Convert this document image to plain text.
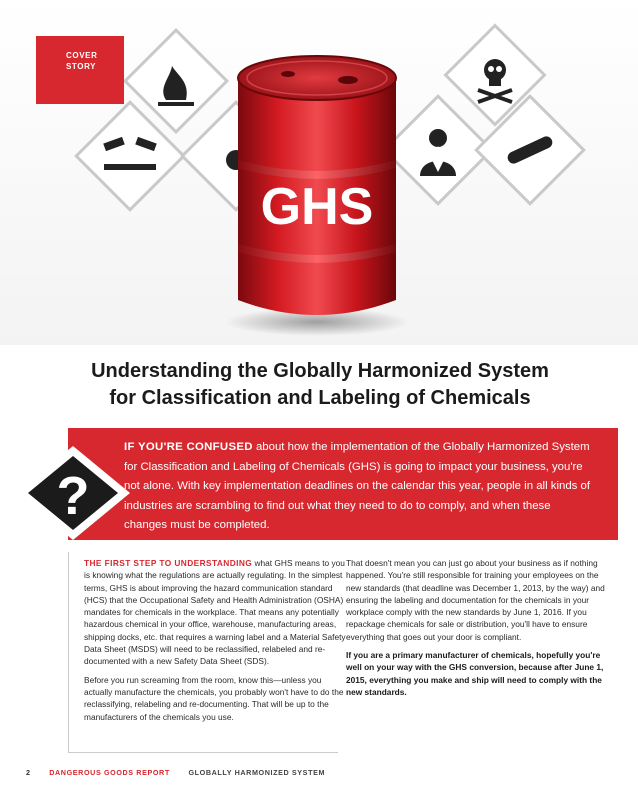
GHS
COVER
STORY
Understanding the Globally Harmonized System
for Classification and Labeling of Chemicals
?
IF YOU'RE CONFUSED about how the implementation of the Globally Harmonized System for Classification and Labeling of Chemicals (GHS) is going to impact your business, you're not alone. With key implementation deadlines on the calendar this year, people in all kinds of industries are scrambling to find out what they need to do to comply, and when these changes must be completed.

THE FIRST STEP TO UNDERSTANDING what GHS means to you is knowing what the regulations are actually regulating. In the simplest terms, GHS is about improving the hazard communication standard (HCS) that the Occupational Safety and Health Administration (OSHA) mandates for chemicals in the workplace. That means any potentially hazardous chemical in your office, warehouse, manufacturing areas, shipping docks, etc. that requires a warning label and a Material Safety Data Sheet (MSDS) will need to be reclassified, relabeled and re-documented with a new Safety Data Sheet (SDS).

Before you run screaming from the room, know this—unless you actually manufacture the chemicals, you probably won't have to do the reclassifying, relabeling and re-documenting. That will be up to the manufacturers of the chemicals you use.

That doesn't mean you can just go about your business as if nothing happened. You're still responsible for training your employees on the new standards (that deadline was December 1, 2013, by the way) and ensuring the labeling and documentation for the chemicals in your workplace comply with the new standards by June 1, 2016. If you repackage chemicals for sale or distribution, you'll have to ensure everything that goes out your door is compliant.

If you are a primary manufacturer of chemicals, hopefully you're well on your way with the GHS conversion, because after June 1, 2015, everything you make and ship will need to comply with the new standards.

2	DANGEROUS GOODS REPORT	GLOBALLY HARMONIZED SYSTEM
